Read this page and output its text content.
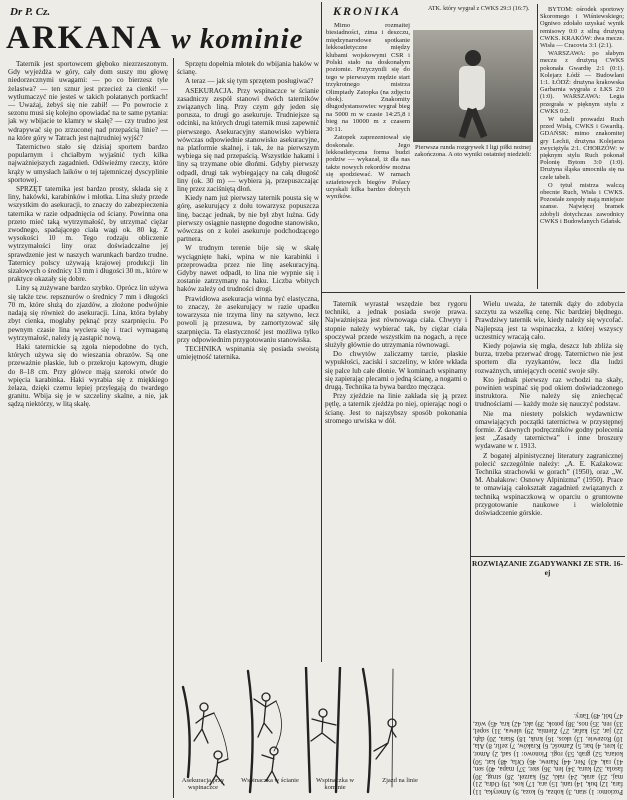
Dr P. Cz.
ARKANA w kominie

Taternik jest sportowcem głęboko niezrzeszonym. Gdy wyjeżdża w góry, cały dom suszy mu głowę niedorzecznymi uwagami: — po co bierzesz tyle żelastwa? — ten sznur jest przecież za cienki! — wytłumaczyć nie jesteś w takich połatanych portkach! — Uważaj, żebyś się nie zabił! — Po powrocie z sezonu musi się kolejno opowiadać na te same pytania: jak wy wbijacie te klamry w skałę? — czy trudno jest wdrapywać się po zrzuconej nad przepaścią linie? — na które góry w Tatrach jest najtrudniej wyjść?

Taternictwo stało się dzisiaj sportem bardzo popularnym i chciałbym wyjaśnić tych kilka najważniejszych zagadnień. Odświeżmy rzeczy, które krąży w umysłach laików o tej tajemniczej dyscyplinie sportowej.

SPRZĘT taternika jest bardzo prosty, składa się z liny, hakówki, karabinków i młotka. Lina służy przede wszystkim do asekuracji, to znaczy do zabezpieczenia taternika w razie odpadnięcia od ściany. Powinna ona przeto mieć taką wytrzymałość, by utrzymać ciężar zwodnego, spadającego ciała wagi ok. 80 kg. Z wysokości 10 m. Tego rodzaju obliczenie wytrzymałości liny oraz doświadczalne jej sprawdzenie jest w naszych warunkach bardzo trudne. Taternicy polscy używają krajowej produkcji lin sizalowych o średnicy 13 mm i długości 30 m., które w praktyce okazały się dobre.

Liny są zużywane bardzo szybko. Oprócz lin używa się także tzw. repsznurów o średnicy 7 mm i długości 70 m, które służą do zjazdów, a złożone podwójnie nadają się również do asekuracji. Lina, która byłaby zbyt cienka, mogłaby pęknąć przy szarpnięciu. Po pewnym czasie lina wyciera się i traci wymaganą wytrzymałość, należy ją zastąpić nową.

Haki taternickie są zgoła niepodobne do tych, których używa się do wieszania obrazów. Są one przeważnie płaskie, lub o przekroju kątowym, długie do 8–18 cm. Przy główce mają szeroki otwór do wpięcia karabinka. Haki wyrabia się z miękkiego żelaza, dzięki czemu lepiej przylegają do twardego granitu. Wbija się je w szczeliny skalne, a nie, jak sądzą niektórzy, w litą skałę.

Sprzętu dopełnia młotek do wbijania haków w ścianę.

A teraz — jak się tym sprzętem posługiwać?

ASEKURACJA. Przy wspinaczce w ścianie zasadniczy zespół stanowi dwóch taterników związanych liną. Przy czym gdy jeden się porusza, to drugi go asekuruje. Trudniejsze są odcinki, na których drugi taternik musi zapewnić pierwszego. Asekuracyjny stanowisko wybiera wówczas odpowiednie stanowisko asekuracyjne, na platformie skalnej, i tak, że na pierwszym wybiega się nad przepaścią. Wszystkie hakami i liny są trzymane obie dłońmi. Gdyby pierwszy odpadł, drugi tak wybiegający na całą długość liny (ok. 30 m) — wybiera ją, przepuszczając linę przez zaciśniętą dłoń.

Kiedy nam już pierwszy taternik pousta się w górę, asekurujący z dołu towarzysz popuszcza linę, bacząc jednak, by nie był zbyt luźna. Gdy pierwszy osiągnie następne dogodne stanowisko, wówczas on z kolei asekuruje podchodzącego partnera.

W trudnym terenie bije się w skałę wyciągnięte haki, wpina w nie karabinki i przeprowadza przez nie linę asekuracyjną. Gdyby nawet odpadł, to lina nie wypnie się i zostanie zatrzymany na haku. Liczba wbitych haków zależy od trudności drogi.

Prawidłowa asekuracja winna być elastyczna, to znaczy, że asekurujący w razie upadku towarzysza nie trzyma liny na sztywno, lecz powoli ją przesuwa, by zamortyzować siłę szarpnięcia. Ta elastyczność jest możliwa tylko przy odpowiednim przygotowaniu stanowiska.

TECHNIKA wspinania się posiada swoistą umiejętność taternika.

Taternik wyrastał wszędzie bez rygoru techniki, a jednak posiada swoje prawa. Najważniejsza jest równowaga ciała. Chwyty i stopnie należy wybierać tak, by ciężar ciała spoczywał przede wszystkim na nogach, a ręce służyły głównie do utrzymania równowagi.

Do chwytów zaliczamy tarcie, płaskie wypukłości, zaciski i szczeliny, w które wkłada się palce lub całe dłonie. W kominach wspinamy się zapierając plecami o jedną ścianę, a nogami o drugą. Technika ta bywa bardzo męcząca.

Przy zjeździe na linie zakłada się ją przez pętlę, a taternik zjeżdża po niej, opierając nogi o ścianę. Jest to najszybszy sposób pokonania stromego urwiska w dół.

Wielu uważa, że taternik dąży do zdobycia szczytu za wszelką cenę. Nic bardziej błędnego. Prawdziwy taternik wie, kiedy należy się wycofać. Najlepszą jest ta wspinaczka, z której wszyscy uczestnicy wracają cało.

Kiedy pojawia się mgła, deszcz lub zbliża się burza, trzeba przerwać drogę. Taternictwo nie jest sportem dla ryzykantów, lecz dla ludzi rozważnych, umiejących ocenić swoje siły.

Kto jednak pierwszy raz wchodzi na skały, powinien wspinać się pod okiem doświadczonego instruktora. Nie należy się zniechęcać trudnościami — każdy może się nauczyć podstaw.

Nie ma niestety polskich wydawnictw omawiających początki taternictwa w przystępnej formie. Z dawnych podręczników godny polecenia jest „Zasady taternictwa” i inne broszury wydawane w r. 1913.

Z bogatej alpinistycznej literatury zagranicznej polecić szczególnie należy: „A. E. Kaźakowa: Technika strachowki w gorach” (1950), oraz „W. M. Abałakow: Osnowy Alpinizma” (1950). Prace te omawiają całokształt zagadnień związanych z techniką wspinaczkową w oparciu o gruntowne przygotowanie naukowe i wieloletnie doświadczenie górskie.

KRONIKA	ATK. który wygrał z CWKS 29:3 (16:7).

Mimo rozmaitej biesiadności, zima i deszczu, międzynarodowe spotkanie lekkoatletyczne między klubami wojskowymi CSR i Polski stało na doskonałym poziomie. Przyczynili się do tego w pierwszym rzędzie start trzykrotnego mistrza Olimpiady Zatopka (na zdjęciu obok). Znakomity długodystansowiec wygrał bieg na 5000 m w czasie 14:25,8 i bieg na 10000 m z czasem 30:11.

Zatopek zaprezentował się doskonale. Jego lekkoatletyczna forma budzi podziw — wykazał, iż dla nas także nowych rekordów można się spodziewać. W ramach sztafetowych biegów Polacy uzyskali kilka bardzo dobrych wyników.

Pierwsza runda rozgrywek I ligi piłki nożnej zakończona. A oto wyniki ostatniej niedzieli:

BYTOM: ośrodek sportowy Skoromego i Wiśniewskiego; Ogniwo zdołało uzyskać wynik remisowy 0:0 z silną drużyną CWKS. KRAKÓW: dwa mecze. Wisła — Cracovia 3:1 (2:1).

WARSZAWA: po słabym meczu z drużyną CWKS pokonała Gwardię 2:1 (0:1). Kolejarz Łódź — Budowlani 1:1. ŁÓDŹ: drużyna krakowska Garbarnia wygrała z ŁKS 2:0 (1:0). WARSZAWA: Legia przegrała w pięknym stylu z CWKS 0:2.

W tabeli prowadzi Ruch przed Wisłą, CWKS i Gwardią. GDAŃSK: mimo znakomitej gry Lechii, drużyna Kolejarza zwyciężyła 2:1. CHORZÓW: w pięknym stylu Ruch pokonał Polonię Bytom 3:0 (1:0). Drużyna śląska umocniła się na czele tabeli.

O tytuł mistrza walczą obecnie Ruch, Wisła i CWKS. Pozostałe zespoły mają mniejsze szanse. Najwięcej bramek zdobyli dotychczas zawodnicy CWKS i Budowlanych Gdańsk.

Asekuracja przy wspinaczce
Wspinaczka w ścianie	Wspinaczka w kominie
Zjazd na linie
ROZWIĄZANIE ZGADYWANKI ZE STR. 16-ej
Poziomo: 1) stan, 3) kobza, 6) koza, 9) Ameryka, 11) fara, 12) buk, 14) tani, 15) ara, 17) kos, 19) Odra, 21) maj, 23) arak, 24) raki, 26) karzeł, 28) strug, 30) fasola, 32) kura, 34) len, 36) ster, 37) mapa, 40) sen, 41) rak, 43) Ner, 44) Narew, 46) Orla, 48) kat, 50) kotara, 52) grab, 53) rogi. Pionowo: 1) sad, 2) Amor, 3) kret, 4) bar, 5) Zamość, 6) Kraków, 7) zefir, 8) Ala, 10) Rozewie, 13) ukos, 16) kruk, 18) Stara, 20) dąb, 22) jar, 25) kafar, 27) Ziemia, 29) ulewa, 31) sopel, 33) ren, 35) nos, 38) potok, 39) akt, 42) kra, 45) wóz, 47) ból, 49) Tatry.
